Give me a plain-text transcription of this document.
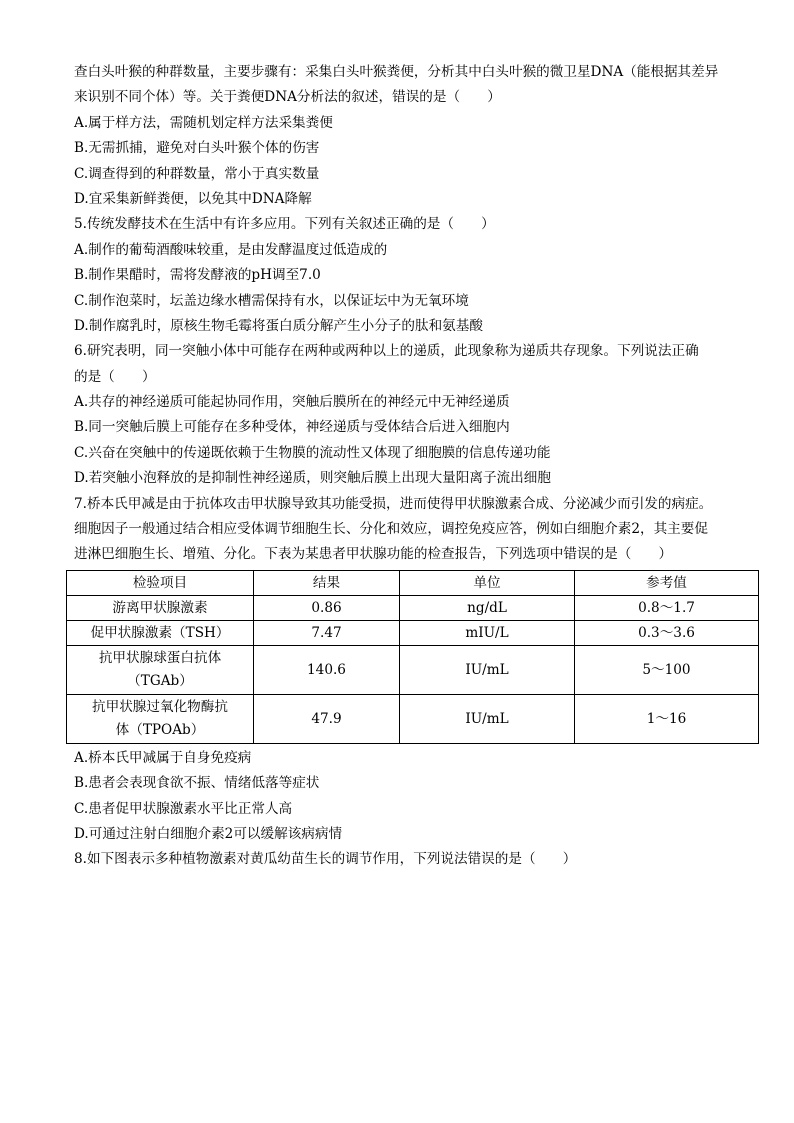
查白头叶猴的种群数量，主要步骤有：采集白头叶猴粪便，分析其中白头叶猴的微卫星DNA（能根据其差异
来识别不同个体）等。关于粪便DNA分析法的叙述，错误的是（　　）
A.属于样方法，需随机划定样方法采集粪便
B.无需抓捕，避免对白头叶猴个体的伤害
C.调查得到的种群数量，常小于真实数量
D.宜采集新鲜粪便，以免其中DNA降解
5.传统发酵技术在生活中有许多应用。下列有关叙述正确的是（　　）
A.制作的葡萄酒酸味较重，是由发酵温度过低造成的
B.制作果醋时，需将发酵液的pH调至7.0
C.制作泡菜时，坛盖边缘水槽需保持有水，以保证坛中为无氧环境
D.制作腐乳时，原核生物毛霉将蛋白质分解产生小分子的肽和氨基酸
6.研究表明，同一突触小体中可能存在两种或两种以上的递质，此现象称为递质共存现象。下列说法正确
的是（　　）
A.共存的神经递质可能起协同作用，突触后膜所在的神经元中无神经递质
B.同一突触后膜上可能存在多种受体，神经递质与受体结合后进入细胞内
C.兴奋在突触中的传递既依赖于生物膜的流动性又体现了细胞膜的信息传递功能
D.若突触小泡释放的是抑制性神经递质，则突触后膜上出现大量阳离子流出细胞
7.桥本氏甲减是由于抗体攻击甲状腺导致其功能受损，进而使得甲状腺激素合成、分泌减少而引发的病症。
细胞因子一般通过结合相应受体调节细胞生长、分化和效应，调控免疫应答，例如白细胞介素2，其主要促
进淋巴细胞生长、增殖、分化。下表为某患者甲状腺功能的检查报告，下列选项中错误的是（　　）
检验项目	结果	单位	参考值
游离甲状腺激素	0.86	ng/dL	0.8～1.7
促甲状腺激素（TSH）	7.47	mIU/L	0.3～3.6

抗甲状腺球蛋白抗体
（TGAb）	140.6	IU/mL	5～100

抗甲状腺过氧化物酶抗
体（TPOAb）	47.9	IU/mL	1～16
A.桥本氏甲减属于自身免疫病
B.患者会表现食欲不振、情绪低落等症状
C.患者促甲状腺激素水平比正常人高
D.可通过注射白细胞介素2可以缓解该病病情
8.如下图表示多种植物激素对黄瓜幼苗生长的调节作用，下列说法错误的是（　　）
